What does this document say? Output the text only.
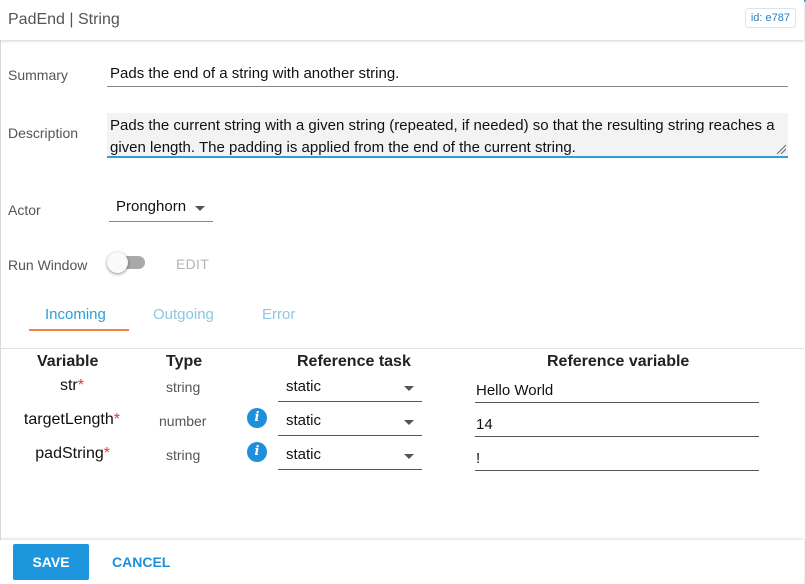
PadEnd | String	id: e787
Summary	Pads the end of a string with another string.
Description Pads the current string with a given string (repeated, if needed) so that the resulting string reaches a given length. The padding is applied from the end of the current string.
Actor	Pronghorn
Run Window	EDIT
Incoming	Outgoing	Error
Variable	Type	Reference task	Reference variable
str*	string	static	Hello World
targetLength*	number	i	static	14
padString*	string	i	static	!
SAVE	CANCEL
